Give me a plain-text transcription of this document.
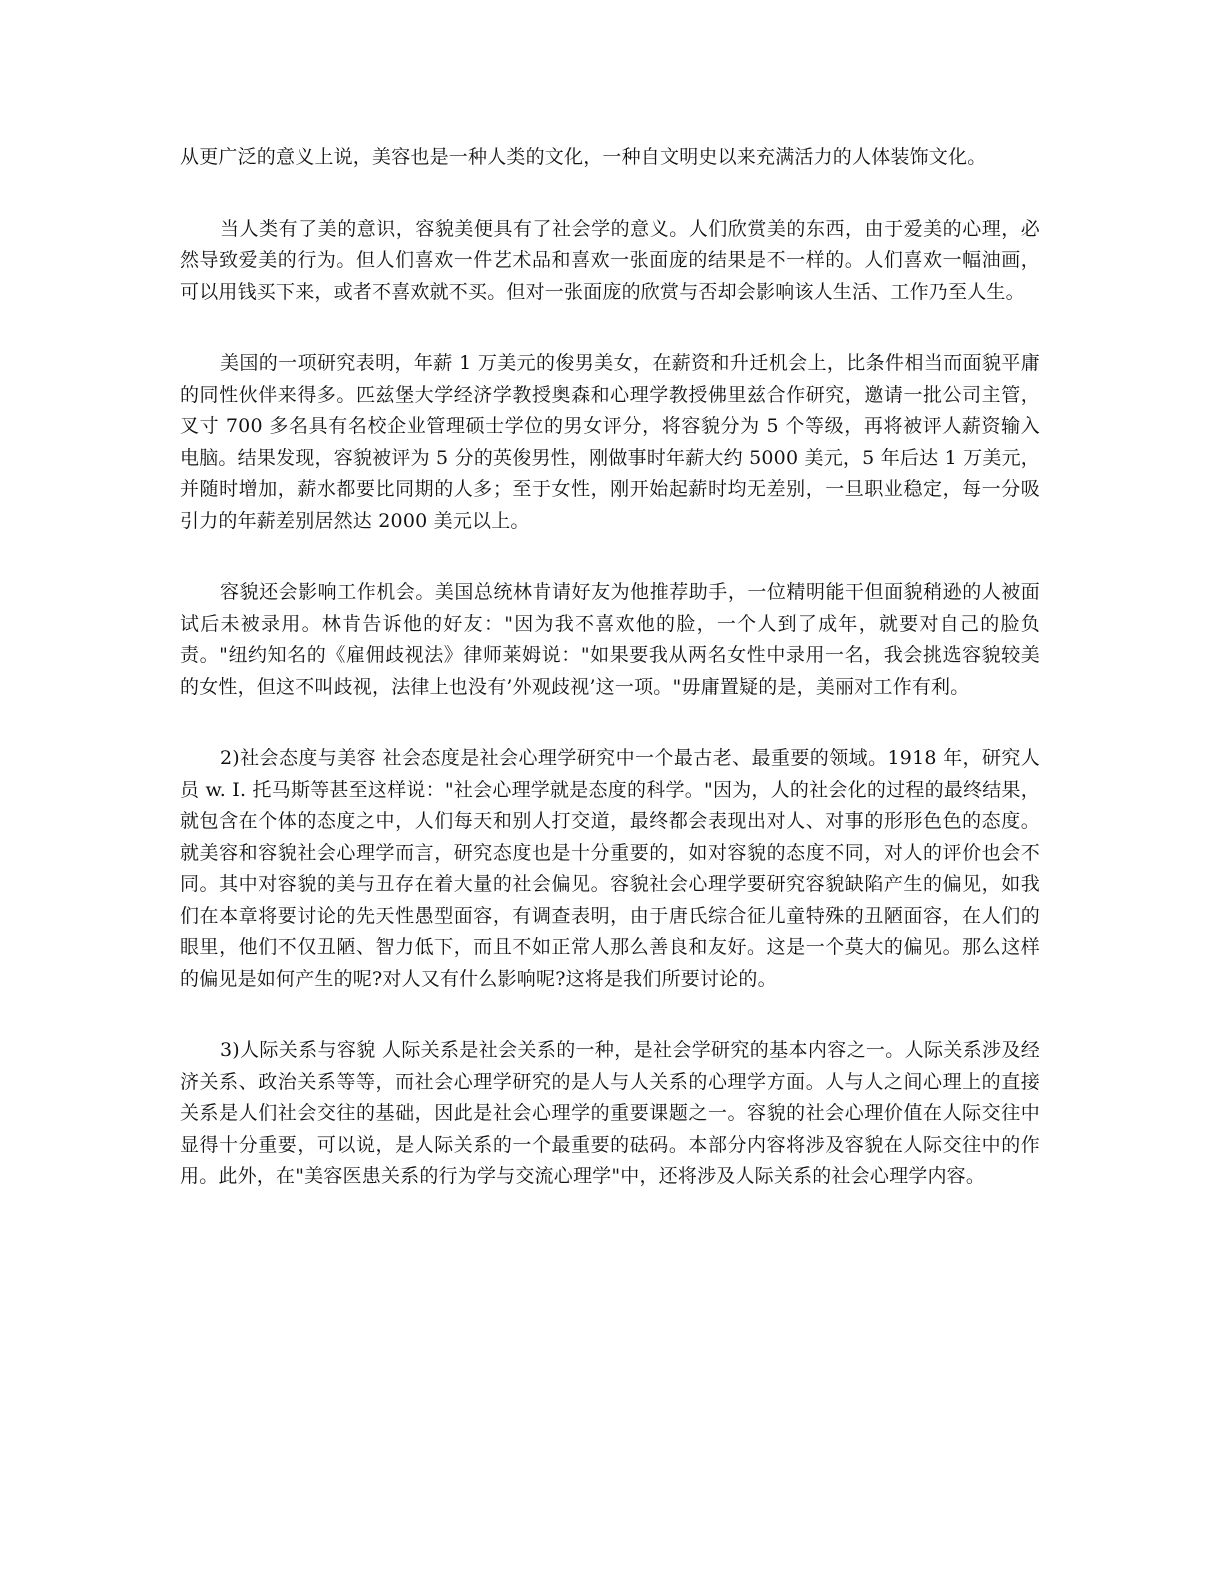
从更广泛的意义上说，美容也是一种人类的文化，一种自文明史以来充满活力的人体装饰文化。

当人类有了美的意识，容貌美便具有了社会学的意义。人们欣赏美的东西，由于爱美的心理，必然导致爱美的行为。但人们喜欢一件艺术品和喜欢一张面庞的结果是不一样的。人们喜欢一幅油画，可以用钱买下来，或者不喜欢就不买。但对一张面庞的欣赏与否却会影响该人生活、工作乃至人生。

美国的一项研究表明，年薪 1 万美元的俊男美女，在薪资和升迁机会上，比条件相当而面貌平庸的同性伙伴来得多。匹兹堡大学经济学教授奥森和心理学教授佛里兹合作研究，邀请一批公司主管，叉寸 700 多名具有名校企业管理硕士学位的男女评分，将容貌分为 5 个等级，再将被评人薪资输入电脑。结果发现，容貌被评为 5 分的英俊男性，刚做事时年薪大约 5000 美元，5 年后达 1 万美元，并随时增加，薪水都要比同期的人多；至于女性，刚开始起薪时均无差别，一旦职业稳定，每一分吸引力的年薪差别居然达 2000 美元以上。

容貌还会影响工作机会。美国总统林肯请好友为他推荐助手，一位精明能干但面貌稍逊的人被面试后未被录用。林肯告诉他的好友："因为我不喜欢他的脸，一个人到了成年，就要对自己的脸负责。"纽约知名的《雇佣歧视法》律师莱姆说："如果要我从两名女性中录用一名，我会挑选容貌较美的女性，但这不叫歧视，法律上也没有’外观歧视’这一项。"毋庸置疑的是，美丽对工作有利。

2)社会态度与美容 社会态度是社会心理学研究中一个最古老、最重要的领域。1918 年，研究人员 w. I. 托马斯等甚至这样说："社会心理学就是态度的科学。"因为，人的社会化的过程的最终结果，就包含在个体的态度之中，人们每天和别人打交道，最终都会表现出对人、对事的形形色色的态度。就美容和容貌社会心理学而言，研究态度也是十分重要的，如对容貌的态度不同，对人的评价也会不同。其中对容貌的美与丑存在着大量的社会偏见。容貌社会心理学要研究容貌缺陷产生的偏见，如我们在本章将要讨论的先天性愚型面容，有调查表明，由于唐氏综合征儿童特殊的丑陋面容，在人们的眼里，他们不仅丑陋、智力低下，而且不如正常人那么善良和友好。这是一个莫大的偏见。那么这样的偏见是如何产生的呢?对人又有什么影响呢?这将是我们所要讨论的。

3)人际关系与容貌 人际关系是社会关系的一种，是社会学研究的基本内容之一。人际关系涉及经济关系、政治关系等等，而社会心理学研究的是人与人关系的心理学方面。人与人之间心理上的直接关系是人们社会交往的基础，因此是社会心理学的重要课题之一。容貌的社会心理价值在人际交往中显得十分重要，可以说，是人际关系的一个最重要的砝码。本部分内容将涉及容貌在人际交往中的作用。此外，在"美容医患关系的行为学与交流心理学"中，还将涉及人际关系的社会心理学内容。
